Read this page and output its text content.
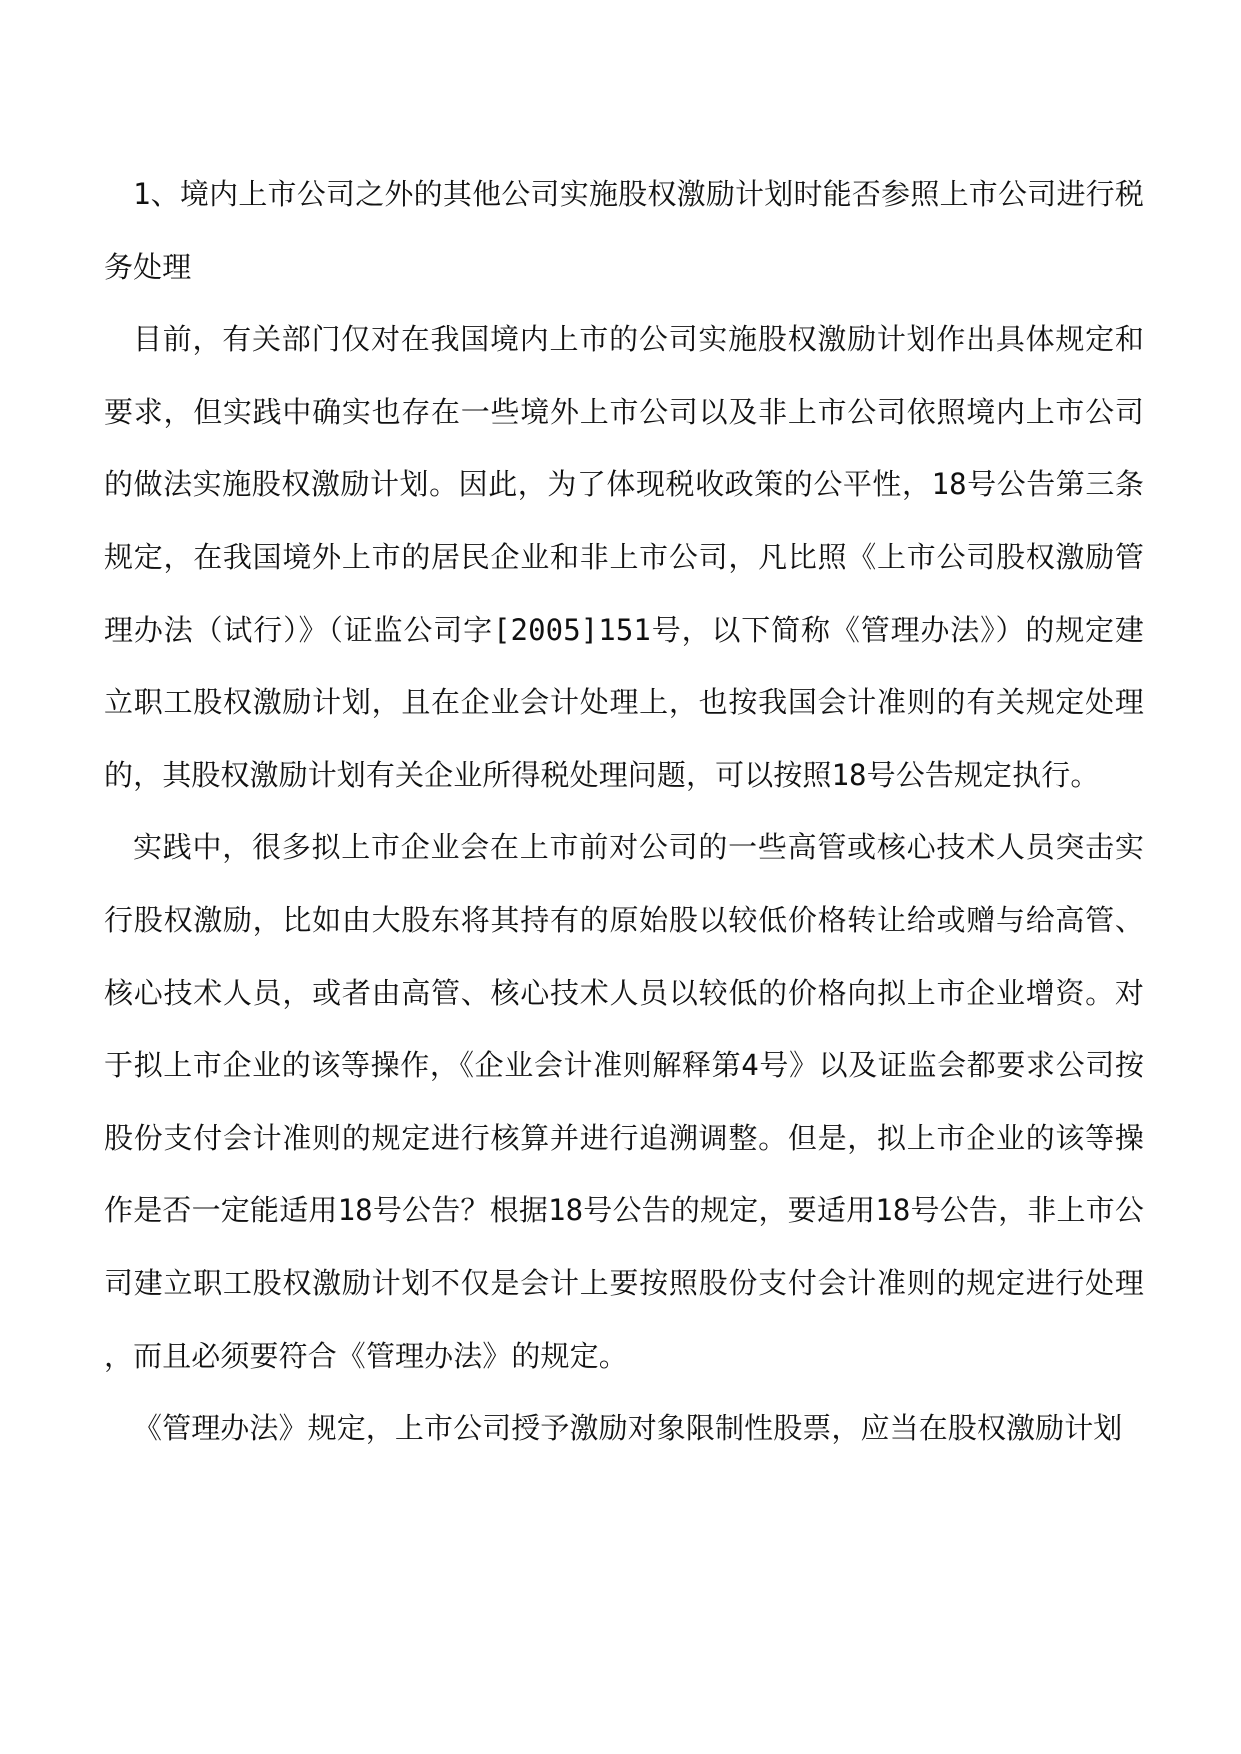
1、境内上市公司之外的其他公司实施股权激励计划时能否参照上市公司进行税务处理

目前，有关部门仅对在我国境内上市的公司实施股权激励计划作出具体规定和要求，但实践中确实也存在一些境外上市公司以及非上市公司依照境内上市公司的做法实施股权激励计划。因此，为了体现税收政策的公平性，18号公告第三条规定，在我国境外上市的居民企业和非上市公司，凡比照《上市公司股权激励管理办法（试行）》（证监公司字[2005]151号，以下简称《管理办法》）的规定建立职工股权激励计划，且在企业会计处理上，也按我国会计准则的有关规定处理的，其股权激励计划有关企业所得税处理问题，可以按照18号公告规定执行。

实践中，很多拟上市企业会在上市前对公司的一些高管或核心技术人员突击实行股权激励，比如由大股东将其持有的原始股以较低价格转让给或赠与给高管、核心技术人员，或者由高管、核心技术人员以较低的价格向拟上市企业增资。对于拟上市企业的该等操作，《企业会计准则解释第4号》以及证监会都要求公司按股份支付会计准则的规定进行核算并进行追溯调整。但是，拟上市企业的该等操作是否一定能适用18号公告？根据18号公告的规定，要适用18号公告，非上市公司建立职工股权激励计划不仅是会计上要按照股份支付会计准则的规定进行处理，而且必须要符合《管理办法》的规定。

《管理办法》规定，上市公司授予激励对象限制性股票，应当在股权激励计划
